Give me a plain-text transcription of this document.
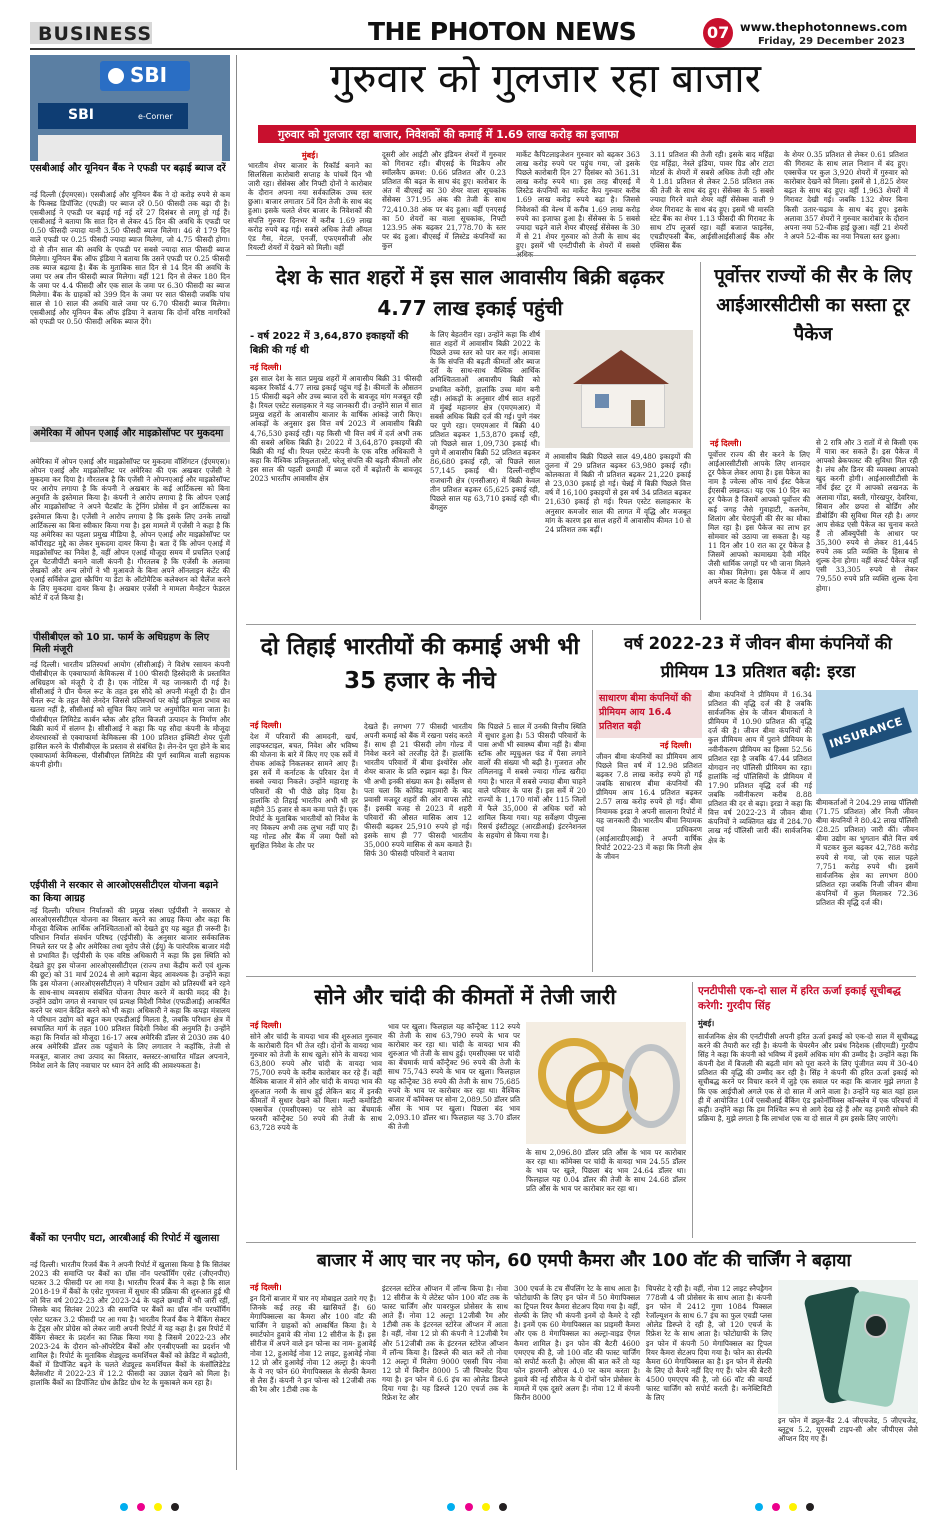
BUSINESS	THE PHOTON NEWS	07 www.thephotonnews.com
Friday, 29 December 2023
SBI
SBI	e-Corner
एसबीआई और यूनियन बैंक ने एफडी पर बढ़ाई ब्याज दरें
नई दिल्ली (ईएमएस)। एसबीआई और यूनियन बैंक ने दो करोड़ रुपये से कम के फिक्स्ड डिपॉजिट (एफडी) पर ब्याज दरें 0.50 फीसदी तक बढ़ा दी है। एसबीआई ने एफडी पर बढ़ाई गई नई दरें 27 दिसंबर से लागू हो गई हैं। एसबीआई ने बताया कि सात दिन से लेकर 45 दिन की अवधि के एफडी पर 0.50 फीसदी ज्यादा यानी 3.50 फीसदी ब्याज मिलेगा। 46 से 179 दिन वाले एफडी पर 0.25 फीसदी ज्यादा ब्याज मिलेगा, जो 4.75 फीसदी होगा। दो से तीन साल की अवधि के एफडी पर सबसे ज्यादा सात फीसदी ब्याज मिलेगा। यूनियन बैंक ऑफ इंडिया ने बताया कि उसने एफडी पर 0.25 फीसदी तक ब्याज बढ़ाया है। बैंक के मुताबिक सात दिन से 14 दिन की अवधि के जमा पर अब तीन फीसदी ब्याज मिलेगा। वहीं 121 दिन से लेकर 180 दिन के जमा पर 4.4 फीसदी और एक साल के जमा पर 6.30 फीसदी का ब्याज मिलेगा। बैंक के ग्राहकों को 399 दिन के जमा पर सात फीसदी जबकि पांच साल से 10 साल की अवधि वाले जमा पर 6.70 फीसदी ब्याज मिलेगा। एसबीआई और यूनियन बैंक ऑफ इंडिया ने बताया कि दोनों वरिष्ठ नागरिकों को एफडी पर 0.50 फीसदी अधिक ब्याज देंगे।
अमेरिका में ओपन एआई और माइक्रोसॉफ्ट पर मुकदमा
अमेरिका में ओपन एआई और माइक्रोसॉफ्ट पर मुकदमा वॉशिंगटन (ईएमएस)। ओपन एआई और माइक्रोसॉफ्ट पर अमेरिका की एक अखबार एजेंसी ने मुकदमा कर दिया है। गौरतलब है कि एजेंसी ने ओपनएआई और माइक्रोसॉफ्ट पर आरोप लगाया है कि कंपनी ने अखबार के कई आर्टिकल्स को बिना अनुमति के इस्तेमाल किया है। कंपनी ने आरोप लगाया है कि ओपन एआई और माइक्रोसॉफ्ट ने अपने चैटबॉट के ट्रेनिंग प्रोसेस में इन आर्टिकल्स का इस्तेमाल किया है। एजेंसी ने आरोप लगाया है कि इसके लिए उनके लाखों आर्टिकल्स का बिना स्वीकार किया गया है। इस मामले में एजेंसी ने कहा है कि यह अमेरिका का पहला प्रमुख मीडिया है, ओपन एआई और माइक्रोसॉफ्ट पर कॉपीराइट मुद्दे का लेकर मुकदमा दायर किया है। बता दें कि ओपन एआई में माइक्रोसॉफ्ट का निवेश है, वहीं ओपन एआई मौजूदा समय में प्रचलित एआई टूल चैटजीपीटी बनाने वाली कंपनी है। गौरतलब है कि एजेंसी के अलावा लेखकों और अन्य लोगों ने भी मुआवजे के बिना अपने ऑनलाइन कंटेंट की एआई सर्विसेज द्वारा स्क्रैपिंग या डेटा के ऑटोमैटिक कलेक्शन को चैलेंज करने के लिए मुकदमा दायर किया है। अखबार एजेंसी ने मामला मैनहैटन फेडरल कोर्ट में दर्ज किया है।
पीसीबीएल को 10 प्रा. फार्म के अधिग्रहण के लिए मिली मंजूरी
नई दिल्ली। भारतीय प्रतिस्पर्धा आयोग (सीसीआई) ने विशेष रसायन कंपनी पीसीबीएल के एक्वाफार्मा केमिकल्स में 100 फीसदी हिस्सेदारी के प्रस्तावित अधिग्रहण को मंजूरी दे दी है। एक नोटिस में यह जानकारी दी गई है। सीसीआई ने ग्रीन चैनल रूट के तहत इस सौदे को अपनी मंजूरी दी है। ग्रीन चैनल रूट के तहत वैसे लेनदेन जिससे प्रतिस्पर्धा पर कोई प्रतिकूल प्रभाव का खतरा नहीं है, सीसीआई को सूचित किए जाने पर अनुमोदित माना जाता है। पीसीबीएल लिमिटेड कार्बन ब्लैक और हरित बिजली उत्पादन के निर्माण और बिक्री कार्य में संलग्न है। सीसीआई ने कहा कि यह सौदा कंपनी के मौजूदा शेयरधारकों से एक्वाफार्मा केमिकल्स की 100 प्रतिशत इक्विटी शेयर पूंजी हासिल करने के पीसीबीएल के प्रस्ताव से संबंधित है। लेन-देन पूरा होने के बाद एक्वाफार्मा केमिकल्स, पीसीबीएल लिमिटेड की पूर्ण स्वामित्व वाली सहायक कंपनी होगी।
एईपीसी ने सरकार से आरओएससीटीएल योजना बढ़ाने का किया आग्रह
नई दिल्ली। परिधान निर्यातकों की प्रमुख संस्था एईपीसी ने सरकार से आरओएससीटीएल योजना का विस्तार करने का आग्रह किया और कहा कि मौजूदा वैश्विक आर्थिक अनिश्चितताओं को देखते हुए यह बहुत ही जरूरी है। परिधान निर्यात संवर्धन परिषद (एईपीसी) के अनुसार बाजार सर्वकालिक निचले स्तर पर है और अमेरिका तथा यूरोप जैसे (ईयू) के पारंपरिक बाजार मंदी से प्रभावित हैं। एईपीसी के एक वरिष्ठ अधिकारी ने कहा कि इस स्थिति को देखते हुए इस योजना आरओएससीटीएल (राज्य तथा केंद्रीय करों एवं शुल्क की छूट) को 31 मार्च 2024 से आगे बढ़ाना बेहद आवश्यक है। उन्होंने कहा कि इस योजना (आरओएससीटीएल) ने परिधान उद्योग को प्रतिस्पर्धी बने रहने के साथ-साथ व्यवसाय संबंधित योजना तैयार करने में काफी मदद की है। उन्होंने उद्योग जगत से नवाचार एवं प्रत्यक्ष विदेशी निवेश (एफडीआई) आकर्षित करने पर ध्यान केंद्रित करने को भी कहा। अधिकारी ने कहा कि कपड़ा मंत्रालय ने परिधान उद्योग को बहुत कम एफडीआई मिलता है, जबकि परिधान क्षेत्र में स्वचालित मार्ग के तहत 100 प्रतिशत विदेशी निवेश की अनुमति है। उन्होंने कहा कि निर्यात को मौजूदा 16-17 अरब अमेरिकी डॉलर से 2030 तक 40 अरब अमेरिकी डॉलर तक पहुंचाने के लिए लगातार ने कहाँकि, तेजी से मजबूत, बाजार तथा उत्पाद का विस्तार, क्लस्टर-आधारित मॉडल अपनाने, निवेश लाने के लिए नवाचार पर ध्यान देने आदि की आवश्यकता है।
बैंकों का एनपीए घटा, आरबीआई की रिपोर्ट में खुलासा
नई दिल्ली। भारतीय रिजर्व बैंक ने अपनी रिपोर्ट में खुलासा किया है कि सितंबर 2023 की समाप्ति पर बैंकों का ग्रॉस नॉन परफॉर्मिंग एसेट (जीएनपीए) घटकर 3.2 फीसदी पर आ गया है। भारतीय रिजर्व बैंक ने कहा है कि साल 2018-19 में बैंकों के एसेट गुणवत्ता में सुधार की प्रक्रिया की शुरुआत हुई थी जो वित्त वर्ष 2022-23 और 2023-24 के पहले छमाही में भी जारी रहीं, जिसके बाद सितंबर 2023 की समाप्ति पर बैंकों का ग्रॉस नॉन परफॉर्मिंग एसेट घटकर 3.2 फीसदी पर आ गया है। भारतीय रिजर्व बैंक ने बैंकिंग सेक्टर के ट्रेंड्स और प्रोग्रेस को लेकर जारी अपनी रिपोर्ट में यह कहा है। इस रिपोर्ट में बैंकिंग सेक्टर के प्रदर्शन का जिक्र किया गया है जिसमें 2022-23 और 2023-24 के दौरान को-ऑपरेटिव बैंकों और एनबीएफसी का प्रदर्शन भी शामिल है। रिपोर्ट के मुताबिक शेड्यूल्ड कमर्शियल बैंकों को क्रेडिट में बढ़ोतरी, बैंकों में डिपॉजिट बढ़ने के चलते शेड्यूल्ड कमर्शियल बैंकों के कंसॉलिडेटेड बैलेंसशीट में 2022-23 में 12.2 फीसदी का उछाल देखने को मिला है। हालांकि बैंकों का डिपॉजिट ग्रोथ क्रेडिट ग्रोथ रेट के मुकाबले कम रहा है।
गुरुवार को गुलजार रहा बाजार
गुरुवार को गुलजार रहा बाजार, निवेशकों की कमाई में 1.69 लाख करोड़ का इजाफा
मुंबई।
भारतीय शेयर बाजार के रिकॉर्ड बनाने का सिलसिला कारोबारी सप्ताह के पांचवें दिन भी जारी रहा। सेंसेक्स और निफ्टी दोनों ने कारोबार के दौरान अपना नया सर्वकालिक उच्च स्तर छुआ। बाजार लगातार 5वें दिन तेजी के साथ बंद हुआ। इसके चलते शेयर बाजार के निवेशकों की संपत्ति गुरुवार दिनभर में करीब 1.69 लाख करोड़ रुपये बढ़ गई। सबसे अधिक तेजी ऑयल एंड गैस, मेटल, एनर्जी, एफएमसीजी और रियल्टी शेयरों में देखने को मिली। वहीं
दूसरी ओर आईटी और इंडियन शेयरों में गुरुवार को गिरावट रही। बीएसई के मिडकैप और स्मॉलकैप क्रमश: 0.66 प्रतिशत और 0.23 प्रतिशत की बढ़त के साथ बंद हुए। कारोबार के अंत में बीएसई का 30 शेयर वाला सूचकांक सेंसेक्स 371.95 अंक की तेजी के साथ 72,410.38 अंक पर बंद हुआ। वहीं एनएसई का 50 शेयरों का वाला सूचकांक, निफ्टी 123.95 अंक बढ़कर 21,778.70 के स्तर पर बंद हुआ। बीएसई में लिस्टेड कंपनियों का कुल
मार्केट कैपिटलाइजेशन गुरुवार को बढ़कर 363 लाख करोड़ रुपये पर पहुंच गया, जो इसके पिछले कारोबारी दिन 27 दिसंबर को 361.31 लाख करोड़ रुपये था। इस तरह बीएसई में लिस्टेड कंपनियों का मार्केट कैप गुरुवार करीब 1.69 लाख करोड़ रुपये बढ़ा है। जिससे निवेशकों की वेल्थ में करीब 1.69 लाख करोड़ रुपये का इजाफा हुआ है। सेंसेक्स के 5 सबसे ज्यादा चढ़ने वाले शेयर बीएसई सेंसेक्स के 30 में से 21 शेयर गुरुवार को तेजी के साथ बंद हुए। इसमें भी एनटीपीसी के शेयरों में सबसे
3.11 प्रतिशत की तेजी रही। इसके बाद महिंद्रा एंड महिंद्रा, नेस्ले इंडिया, पावर ग्रिड और टाटा मोटर्स के शेयरों में सबसे अधिक तेजी रही और ये 1.81 प्रतिशत से लेकर 2.58 प्रतिशत तक की तेजी के साथ बंद हुए। सेंसेक्स के 5 सबसे ज्यादा गिरने वाले शेयर वहीं सेंसेक्स वाली 9 शेयर गिरावट के साथ बंद हुए। इसमें भी मारुति स्टेट बैंक का शेयर 1.13 फीसदी की गिरावट के साथ टॉप लूजर्स रहा। वहीं बजाज फाइनेंस, एचडीएफसी बैंक, आईसीआईसीआई बैंक और एक्सिस बैंक
के शेयर 0.35 प्रतिशत से लेकर 0.61 प्रतिशत की गिरावट के साथ लाल निशान में बंद हुए। एक्सचेंज पर कुल 3,920 शेयरों में गुरुवार को कारोबार देखने को मिला। इसमें से 1,825 शेयर बढ़त के साथ बंद हुए। वहीं 1,963 शेयरों में गिरावट देखी गई। जबकि 132 शेयर बिना किसी उतार-चढ़ाव के साथ बंद हुए। इसके अलावा 357 शेयरों ने गुरुवार कारोबार के दौरान अपना नया 52-वीक हाई छुआ। वहीं 21 शेयरों ने अपने 52-वीक का नया निचला स्तर छुआ।
देश के सात शहरों में इस साल आवासीय बिक्री बढ़कर 4.77 लाख इकाई पहुंची
- वर्ष 2022 में 3,64,870 इकाइयों की बिक्री की गई थी
नई दिल्ली।
इस साल देश के सात प्रमुख शहरों में आवासीय बिक्री 31 फीसदी बढ़कर रिकॉर्ड 4.77 लाख इकाई पहुंच गई है। कीमतों के औसतन 15 फीसदी बढ़ने और उच्च ब्याज दरों के बावजूद मांग मजबूत रही है। रियल एस्टेट सलाहकार ने यह जानकारी दी। उन्होंने साल में सात प्रमुख शहरों के आवासीय बाजार के वार्षिक आंकड़े जारी किए। आंकड़ों के अनुसार इस वित्त वर्ष 2023 में आवासीय बिक्री 4,76,530 इकाई रही। यह किसी भी वित्त वर्ष में दर्ज अभी तक की सबसे अधिक बिक्री है। 2022 में 3,64,870 इकाइयों की बिक्री की गई थी। रियल एस्टेट कंपनी के एक वरिष्ठ अधिकारी ने कहा कि वैश्विक प्रतिकूलताओं, घरेलू संपत्ति की बढ़ती कीमतों और इस साल की पहली छमाही में ब्याज दरों में बढ़ोतरी के बावजूद 2023 भारतीय आवासीय क्षेत्र
के लिए बेहतरीन रहा। उन्होंने कहा कि शीर्ष सात शहरों में आवासीय बिक्री 2022 के पिछले उच्च स्तर को पार कर गई। आवास के कि संपत्ति की बढ़ती कीमतों और ब्याज दरों के साथ-साथ वैश्विक आर्थिक अनिश्चितताओं आवासीय बिक्री को प्रभावित करेंगी, हालांकि उच्च मांग बनी रही। आंकड़ों के अनुसार शीर्ष सात शहरों में मुंबई महानगर क्षेत्र (एमएमआर) में सबसे अधिक बिक्री दर्ज की गई। पुणे नंबर पर पुणे रहा। एमएमआर में बिक्री 40 प्रतिशत बढ़कर 1,53,870 इकाई रही, जो पिछले साल 1,09,730 इकाई थी। पुणे में आवासीय बिक्री 52 प्रतिशत बढ़कर 86,680 इकाई रही, जो पिछले साल 57,145 इकाई थी। दिल्ली-राष्ट्रीय राजधानी क्षेत्र (एनसीआर) में बिक्री केवल तीन प्रतिशत बढ़कर 65,625 इकाई रही, पिछले साल यह 63,710 इकाई रही थी। बेंगलुरु
में आवासीय बिक्री पिछले साल 49,480 इकाइयों की तुलना में 29 प्रतिशत बढ़कर 63,980 इकाई रही। कोलकाता में बिक्री नौ प्रतिशत बढ़कर 21,220 इकाई से 23,030 इकाई हो गई। चेन्नई में बिक्री पिछले वित्त वर्ष में 16,100 इकाइयों से इस वर्ष 34 प्रतिशत बढ़कर 21,630 इकाई हो गई। रियल एस्टेट सलाहकार के अनुसार कमजोर साल की लागत में वृद्धि और मजबूत मांग के कारण इस साल शहरों में आवासीय कीमत 10 से 24 प्रतिशत तक बढ़ीं।
पूर्वोत्तर राज्यों की सैर के लिए आईआरसीटीसी का सस्ता टूर पैकेज
नई दिल्ली।
पूर्वोत्तर राज्य की सैर करने के लिए आईआरसीटीसी आपके लिए शानदार टूर पैकेज लेकर आया है। इस पैकेज का नाम है ज्वेल्स ऑफ नार्थ ईस्ट पैकेज ईएसबी लखनऊ। यह एक 10 दिन का टूर पैकेज है जिसमें आपको पूर्वोत्तर की कई जगह जैसे गुवाहाटी, कलनेम, शिलांग और चेरापूंजी की सैर का मौका मिल रहा है। इस पैकेज का लाभ हर सोमवार को उठाया जा सकता है। यह 11 दिन और 10 रात का टूर पैकेज है जिसमें आपको कामाख्या देवी मंदिर जैसी धार्मिक जगहों पर भी जाना मिलने का मौका मिलेगा। इस पैकेज में आप अपने बजट के हिसाब
से 2 रात्रि और 3 रातों में से किसी एक में यात्रा कर सकते हैं। इस पैकेज में आपको ब्रेकफास्ट की सुविधा मिल रही है। लंच और डिनर की व्यवस्था आपको खुद करनी होगी। आईआरसीटीसी के नॉर्थ ईस्ट टूर में आपको लखनऊ के अलावा गोंडा, बस्ती, गोरखपुर, देवरिया, सिवान और छपरा से बोर्डिंग और डीबोर्डिंग की सुविधा मिल रही है। अगर आप सेकंड एसी पैकेज का चुनाव करते हैं तो ऑक्युपेंसी के आधार पर 35,300 रुपये से लेकर 81,445 रुपये तक प्रति व्यक्ति के हिसाब से शुल्क देना होगा। वहीं कंफर्ट पैकेज यहाँ एसी 33,305 रुपये से लेकर 79,550 रुपये प्रति व्यक्ति शुल्क देना होगा।
दो तिहाई भारतीयों की कमाई अभी भी 35 हजार के नीचे
नई दिल्ली।
देश में परिवारों की आमदनी, खर्च, लाइफस्टाइल, बचत, निवेश और भविष्य की योजना के बारे में किए गए एक सर्वे में रोचक आंकड़े निकलकर सामने आए हैं। इस सर्वे में कर्नाटक के परिवार देश में सबसे ज्यादा निकले। उन्होंने महाराष्ट्र के परिवारों की भी पीछे छोड़ दिया है। हालांकि दो तिहाई भारतीय अभी भी हर महीने 35 हजार से कम कमा पाते हैं। एक रिपोर्ट के मुताबिक भारतीयों को निवेश के नए विकल्प अभी तक लुभा नहीं पाए हैं। यह गोल्ड और बैंक में जमा पैसों को सुरक्षित निवेश के तौर पर
देखते हैं। लगभग 77 फीसदी भारतीय अपनी कमाई को बैंक में रखना पसंद करते हैं। साथ ही 21 फीसदी लोग गोल्ड में निवेश करने को तरजीह देते हैं। हालांकि भारतीय परिवारों में बीमा इंश्योरेंस और शेयर बाजार के प्रति रुझान बढ़ा है। फिर भी अभी इनकी संख्या कम है। सर्वेक्षण से पता चला कि कोविड महामारी के बाद प्रवासी मजदूर शहरों की ओर वापस लौटे हैं। इसकी वजह से 2023 में शहरी परिवारों की औसत मासिक आय 12 फीसदी बढ़कर 25,910 रुपये हो गई। इसके साथ ही 77 फीसदी भारतीय 35,000 रुपये मासिक से कम कमाते हैं। सिर्फ 30 फीसदी परिवारों ने बताया
कि पिछले 5 साल में उनकी वित्तीय स्थिति में सुधार हुआ है। 53 फीसदी परिवारों के पास अभी भी स्वास्थ्य बीमा नहीं है। बीमा स्टॉक और म्यूचुअल फंड में पैसा लगाने वालों की संख्या भी बढ़ी है। गुजरात और तमिलनाडु में सबसे ज्यादा गोल्ड खरीदा गया है। भारत में सबसे ज्यादा बीमा चाहने वाले परिवार के पास हैं। इस सर्वे में 20 राज्यों के 1,170 गांवों और 115 जिलों में फैले 35,000 से अधिक घरों को शामिल किया गया। यह सर्वेक्षण पीपुल्स रिसर्च इंस्टीट्यूट (आरडीआई) इंटरनेशनल के सहयोग से किया गया है।
वर्ष 2022-23 में जीवन बीमा कंपनियों की प्रीमियम 13 प्रतिशत बढ़ी: इरडा
साधारण बीमा कंपनियों की प्रीमियम आय 16.4 प्रतिशत बढ़ी
नई दिल्ली।
जीवन बीमा कंपनियों का प्रीमियम आय पिछले वित्त वर्ष में 12.98 प्रतिशत बढ़कर 7.8 लाख करोड़ रुपये हो गई जबकि साधारण बीमा कंपनियों की प्रीमियम आय 16.4 प्रतिशत बढ़कर 2.57 लाख करोड़ रुपये हो गई। बीमा नियामक इरडा ने अपनी सालाना रिपोर्ट में यह जानकारी दी। भारतीय बीमा नियामक एवं विकास प्राधिकरण (आईआरडीएआई) ने अपनी वार्षिक रिपोर्ट 2022-23 में कहा कि निजी क्षेत्र के जीवन
बीमा कंपनियों ने प्रीमियम में 16.34 प्रतिशत की वृद्धि दर्ज की है जबकि सार्वजनिक क्षेत्र के जीवन बीमाकर्ता ने प्रीमियम में 10.90 प्रतिशत की वृद्धि दर्ज की है। जीवन बीमा कंपनियों की कुल प्रीमियम आय में पुराने प्रीमियम के नवीनीकरण प्रीमियम का हिस्सा 52.56 प्रतिशत रहा है जबकि 47.44 प्रतिशत योगदान नए पॉलिसी प्रीमियम का रहा। हालांकि नई पॉलिसियों के प्रीमियम में 17.90 प्रतिशत वृद्धि दर्ज की गई जबकि नवीनीकरण करीब 8.88 प्रतिशत की दर से बढ़ा। इरडा ने कहा कि वित्त वर्ष 2022-23 में जीवन बीमा कंपनियों ने व्यक्तिगत खंड में 284.70 लाख नई पॉलिसी जारी कीं। सार्वजनिक क्षेत्र के
INSURANCE
बीमाकर्ताओं ने 204.29 लाख पॉलिसी (71.75 प्रतिशत) और निजी जीवन बीमा कंपनियों ने 80.42 लाख पॉलिसी (28.25 प्रतिशत) जारी कीं। जीवन बीमा उद्योग का भुगतान बीते वित्त वर्ष में घटकर कुल बढ़कर 42,788 करोड़ रुपये से गया, जो एक साल पहले 7,751 करोड़ रुपये थी। इसमें सार्वजनिक क्षेत्र का लगभग 800 प्रतिशत रहा जबकि निजी जीवन बीमा कंपनियों में कुल मिलाकर 72.36 प्रतिशत की वृद्धि दर्ज की।
सोने और चांदी की कीमतों में तेजी जारी
नई दिल्ली।
सोने और चांदी के वायदा भाव की शुरुआत गुरुवार के कारोबारी दिन भी तेज रही। दोनों के वायदा भाव गुरुवार को तेजी के साथ खुले। सोने के वायदा भाव 63,800 रुपये और चांदी के वायदा भाव 75,700 रुपये के करीब कारोबार कर रहे हैं। वहीं वैश्विक बाजार में सोने और चांदी के वायदा भाव की शुरुआत नरमी के साथ हुई लेकिन बाद में इनकी कीमतों में सुधार देखने को मिला। मल्टी कमोडिटी एक्सचेंज (एमसीएक्स) पर सोने का बेंचमार्क फरवरी कॉन्ट्रैक्ट 50 रुपये की तेजी के साथ 63,728 रुपये के
भाव पर खुला। फिलहाल यह कॉन्ट्रैक्ट 112 रुपये की तेजी के साथ 63,790 रुपये के भाव पर कारोबार कर रहा था। चांदी के वायदा भाव की शुरुआत भी तेजी के साथ हुई। एमसीएक्स पर चांदी का बेंचमार्क मार्च कॉन्ट्रैक्ट 96 रुपये की तेजी के साथ 75,743 रुपये के भाव पर खुला। फिलहाल यह कॉन्ट्रैक्ट 38 रुपये की तेजी के साथ 75,685 रुपये के भाव पर कारोबार कर रहा था। वैश्विक बाजार में कॉमेक्स पर सोना 2,089.50 डॉलर प्रति औंस के भाव पर खुला। पिछला बंद भाव 2,093.10 डॉलर था। फिलहाल यह 3.70 डॉलर की तेजी
के साथ 2,096.80 डॉलर प्रति औंस के भाव पर कारोबार कर रहा था। कॉमेक्स पर चांदी के वायदा भाव 24.55 डॉलर के भाव पर खुले, पिछला बंद भाव 24.64 डॉलर था। फिलहाल यह 0.04 डॉलर की तेजी के साथ 24.68 डॉलर प्रति औंस के भाव पर कारोबार कर रहा था।
एनटीपीसी एक-दो साल में हरित ऊर्जा इकाई सूचीबद्ध करेगी: गुरदीप सिंह
मुंबई।
सार्वजनिक क्षेत्र की एनटीपीसी अपनी हरित ऊर्जा इकाई को एक-दो साल में सूचीबद्ध करने की तैयारी कर रही है। कंपनी के चेयरमैन और प्रबंध निदेशक (सीएमडी) गुरदीप सिंह ने कहा कि कंपनी को भविष्य में इसमें अधिक मांग की उम्मीद है। उन्होंने कहा कि कंपनी देश में बिजली की बढ़ती मांग को पूरा करने के लिए पूंजीगत व्यय में 30-40 प्रतिशत की वृद्धि की उम्मीद कर रही है। सिंह ने कंपनी की हरित ऊर्जा इकाई को सूचीबद्ध करने पर विचार करने में जुड़े एक सवाल पर कहा कि बाजार मुझे लगता है कि एक आईपीओ अगले एक से दो साल में आने वाला है। उन्होंने यह बात यहां हाल ही में आयोजित 10वें एसबीआई बैंकिंग एंड इकोनॉमिक्स कॉन्क्लेव में एक परिचर्चा में कही। उन्होंने कहा कि हम निश्चित रूप से आगे देख रहे हैं और यह हमारी सोचने की प्रक्रिया है, मुझे लगता है कि लाभांश एक या दो साल में हम इसके लिए जाएंगे।
बाजार में आए चार नए फोन, 60 एमपी कैमरा और 100 वॉट की चार्जिंग ने बढ़ाया
नई दिल्ली।
इन दिनों बाजार में चार नए मोबाइल उतारे गए हैं। जिनके कई तरह की खासियतें हैं। 60 मेगापिक्सल्स का कैमरा और 100 वॉट की चार्जिंग ने ग्राहकों को आकर्षित किया है। ये स्मार्टफोन हुवावे की नोवा 12 सीरीज के हैं। इस सीरीज में अपने वाले इन फोन्स का नाम- हुआवेई नोवा 12, हुआवेई नोवा 12 लाइट, हुआवेई नोवा 12 प्रो और हुआवेई नोवा 12 अल्ट्रा है। कंपनी के ये नए फोन 60 मेगापिक्सल के सेल्फी कैमरा से लैस हैं। कंपनी ने इन फोन्स को 12जीबी तक की रैम और 1टीबी तक के
इंटरनल स्टोरेज ऑप्शन में लॉन्च किया है। नोवा 12 सीरीज के ये लेटेस्ट फोन 100 वॉट तक के फास्ट चार्जिंग और पावरफुल प्रोसेसर के साथ आते हैं। नोवा 12 अल्ट्रा 12जीबी रैम और 1टीबी तक के इंटरनल स्टोरेज ऑप्शन में आता है। वहीं, नोवा 12 प्रो की कंपनी ने 12जीबी रैम और 512जीबी तक के इंटरनल स्टोरेज ऑप्शन में लॉन्च किया है। डिस्प्ले की बात करें तो नोवा 12 अल्ट्रा में मिलेगा 9000 एससी चिप नोवा 12 प्रो में किरीन 8000 5 जी चिपसेट दिया गया है। इन फोन में 6.6 इंच का ओलेड डिस्प्ले दिया गया है। यह डिस्प्ले 120 एचर्ज तक के रिफ्रेश रेट और
300 एचर्ज के टच सैंपलिंग रेट के साथ आता है। फोटोग्राफी के लिए इन फोन में 50 मेगापिक्सल का ट्रिपल रियर कैमरा सेटअप दिया गया है। वहीं, सेल्फी के लिए भी कंपनी इनमें दो कैमरे दे रही है। इनमें एक 60 मेगापिक्सल का प्राइमरी कैमरा और एक 8 मेगापिक्सल का अल्ट्रा-वाइड ऐंगल कैमरा शामिल है। इन फोन की बैटरी 4600 एमएएच की है, जो 100 वॉट की फास्ट चार्जिंग को सपोर्ट करती है। ओएस की बात करें तो यह फोन हारमनी ओएस 4.0 पर काम करता है। हुवावे की नई सीरीज के ये दोनों फोन प्रोसेसर के मामले में एक दूसरे अलग हैं। नोवा 12 में कंपनी किरीन 8000
चिपसेट दे रही है। वहीं, नोवा 12 लाइट स्नैपड्रैगन 778जी 4 जी प्रोसेसर के साथ आता है। कंपनी इन फोन में 2412 गुणा 1084 पिक्सल रेजॉल्यूशन के साथ 6.7 इंच का फुल एचडी प्लस ओलेड डिस्प्ले दे रही है, जो 120 एचर्ज के रिफ्रेश रेट के साथ आता है। फोटोग्राफी के लिए इन फोन में कंपनी 50 मेगापिक्सल का ट्रिपल रियर कैमरा सेटअप दिया गया है। फोन का सेल्फी कैमरा 60 मेगापिक्सल का है। इन फोन में सेल्फी के लिए दो कैमरे नहीं दिए गए हैं। फोन की बैटरी 4500 एमएएच की है, जो 66 वॉट की वायर्ड फास्ट चार्जिंग को सपोर्ट करती है। कनेक्टिविटी के लिए
इन फोन में ड्यूल-बैंड 2.4 जीएचजेड, 5 जीएचजेड, ब्लूटूथ 5.2, यूएसबी टाइप-सी और जीपीएस जैसे ऑप्शन दिए गए हैं।
